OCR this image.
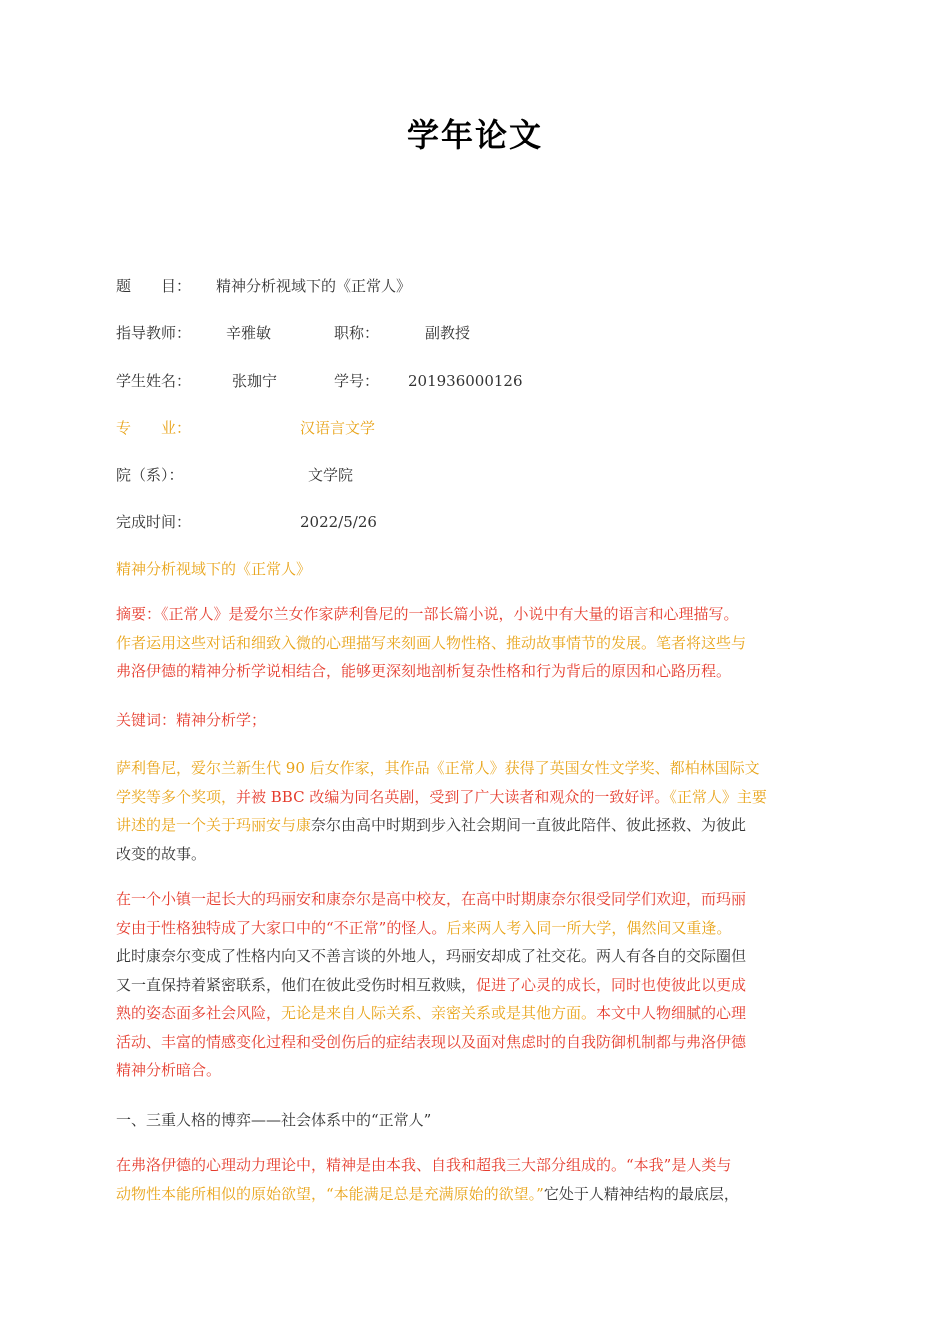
学年论文
题　　目： 精神分析视域下的《正常人》
指导教师： 辛雅敏	职称：	副教授
学生姓名：	张珈宁	学号： 201936000126
专　　业：	汉语言文学
院（系）：	文学院
完成时间：	2022/5/26
精神分析视域下的《正常人》
摘要：《正常人》是爱尔兰女作家萨利鲁尼的一部长篇小说，小说中有大量的语言和心理描写。
作者运用这些对话和细致入微的心理描写来刻画人物性格、推动故事情节的发展。笔者将这些与
弗洛伊德的精神分析学说相结合，能够更深刻地剖析复杂性格和行为背后的原因和心路历程。
关键词：精神分析学；
萨利鲁尼，爱尔兰新生代 90 后女作家，其作品《正常人》获得了英国女性文学奖、都柏林国际文
学奖等多个奖项，并被 BBC 改编为同名英剧，受到了广大读者和观众的一致好评。《正常人》主要
讲述的是一个关于玛丽安与康奈尔由高中时期到步入社会期间一直彼此陪伴、彼此拯救、为彼此
改变的故事。
在一个小镇一起长大的玛丽安和康奈尔是高中校友，在高中时期康奈尔很受同学们欢迎，而玛丽
安由于性格独特成了大家口中的“不正常”的怪人。后来两人考入同一所大学，偶然间又重逢。
此时康奈尔变成了性格内向又不善言谈的外地人，玛丽安却成了社交花。两人有各自的交际圈但
又一直保持着紧密联系，他们在彼此受伤时相互救赎，促进了心灵的成长，同时也使彼此以更成
熟的姿态面多社会风险，无论是来自人际关系、亲密关系或是其他方面。本文中人物细腻的心理
活动、丰富的情感变化过程和受创伤后的症结表现以及面对焦虑时的自我防御机制都与弗洛伊德
精神分析暗合。
一、三重人格的博弈——社会体系中的“正常人”
在弗洛伊德的心理动力理论中，精神是由本我、自我和超我三大部分组成的。“本我”是人类与
动物性本能所相似的原始欲望，“本能满足总是充满原始的欲望。”它处于人精神结构的最底层，
